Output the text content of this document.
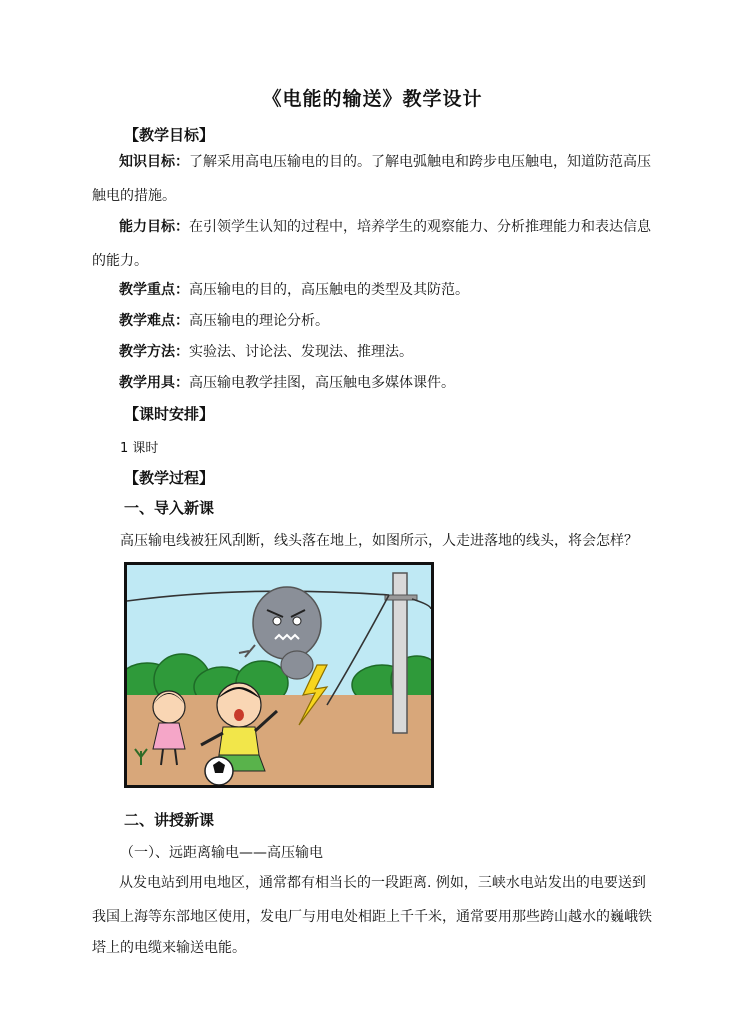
《电能的输送》教学设计
【教学目标】
知识目标：了解采用高电压输电的目的。了解电弧触电和跨步电压触电，知道防范高压
触电的措施。
能力目标：在引领学生认知的过程中，培养学生的观察能力、分析推理能力和表达信息
的能力。
教学重点：高压输电的目的，高压触电的类型及其防范。
教学难点：高压输电的理论分析。
教学方法：实验法、讨论法、发现法、推理法。
教学用具：高压输电教学挂图，高压触电多媒体课件。
【课时安排】
1 课时
【教学过程】
一、导入新课
高压输电线被狂风刮断，线头落在地上，如图所示，人走进落地的线头，将会怎样？
二、讲授新课
（一）、远距离输电——高压输电
从发电站到用电地区，通常都有相当长的一段距离. 例如，三峡水电站发出的电要送到
我国上海等东部地区使用，发电厂与用电处相距上千千米，通常要用那些跨山越水的巍峨铁
塔上的电缆来输送电能。
